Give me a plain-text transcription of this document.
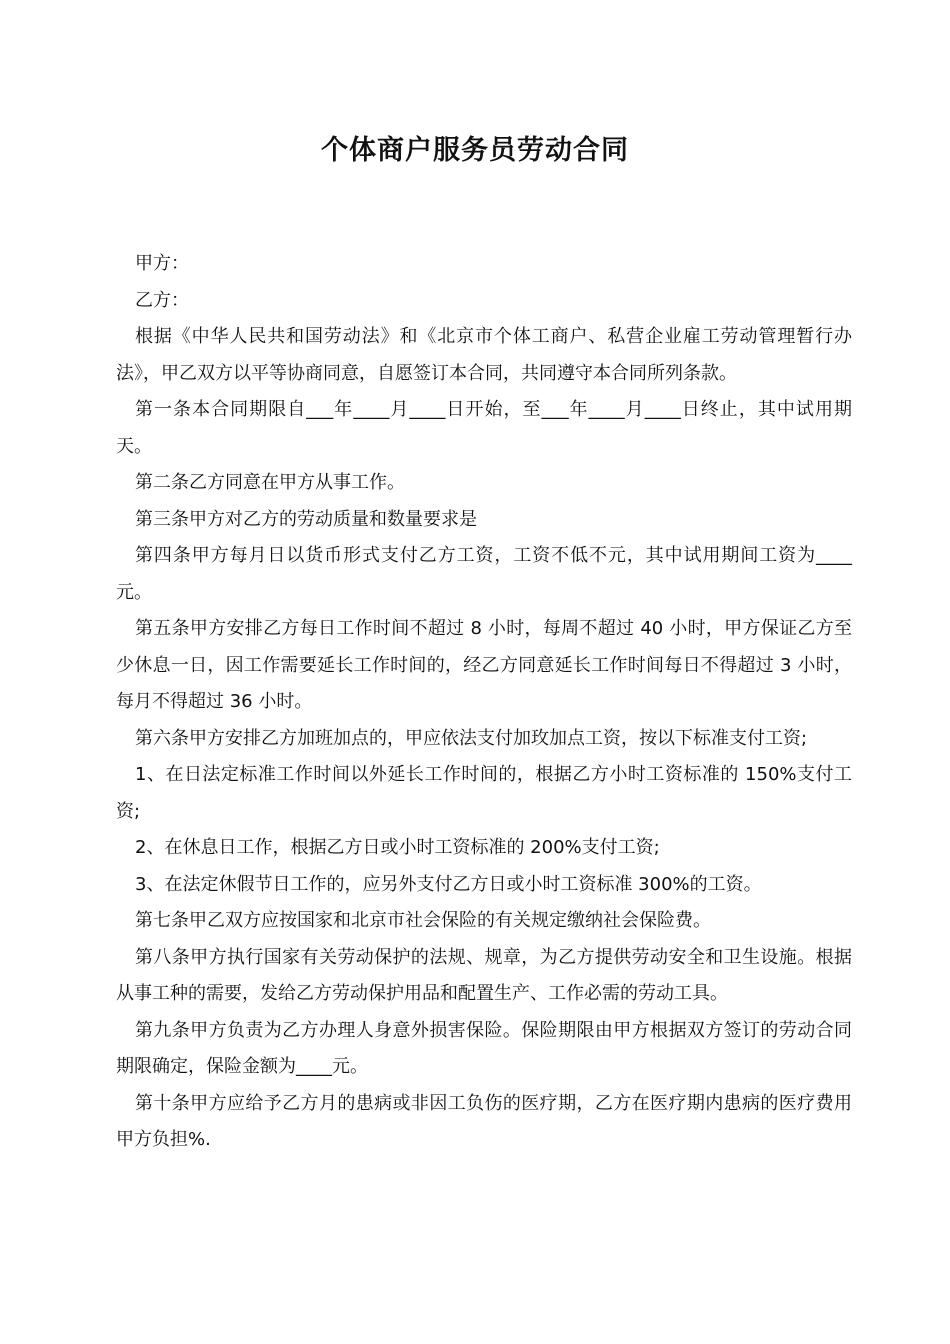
个体商户服务员劳动合同

甲方：

乙方：

根据《中华人民共和国劳动法》和《北京市个体工商户、私营企业雇工劳动管理暂行办法》，甲乙双方以平等协商同意，自愿签订本合同，共同遵守本合同所列条款。

第一条本合同期限自___年____月____日开始，至___年____月____日终止，其中试用期天。

第二条乙方同意在甲方从事工作。

第三条甲方对乙方的劳动质量和数量要求是

第四条甲方每月日以货币形式支付乙方工资，工资不低不元，其中试用期间工资为____元。

第五条甲方安排乙方每日工作时间不超过 8 小时，每周不超过 40 小时，甲方保证乙方至少休息一日，因工作需要延长工作时间的，经乙方同意延长工作时间每日不得超过 3 小时，每月不得超过 36 小时。

第六条甲方安排乙方加班加点的，甲应依法支付加玫加点工资，按以下标准支付工资;

1、在日法定标准工作时间以外延长工作时间的，根据乙方小时工资标准的 150%支付工资;

2、在休息日工作，根据乙方日或小时工资标准的 200%支付工资;

3、在法定休假节日工作的，应另外支付乙方日或小时工资标准 300%的工资。

第七条甲乙双方应按国家和北京市社会保险的有关规定缴纳社会保险费。

第八条甲方执行国家有关劳动保护的法规、规章，为乙方提供劳动安全和卫生设施。根据从事工种的需要，发给乙方劳动保护用品和配置生产、工作必需的劳动工具。

第九条甲方负责为乙方办理人身意外损害保险。保险期限由甲方根据双方签订的劳动合同期限确定，保险金额为____元。

第十条甲方应给予乙方月的患病或非因工负伤的医疗期，乙方在医疗期内患病的医疗费用甲方负担%.
